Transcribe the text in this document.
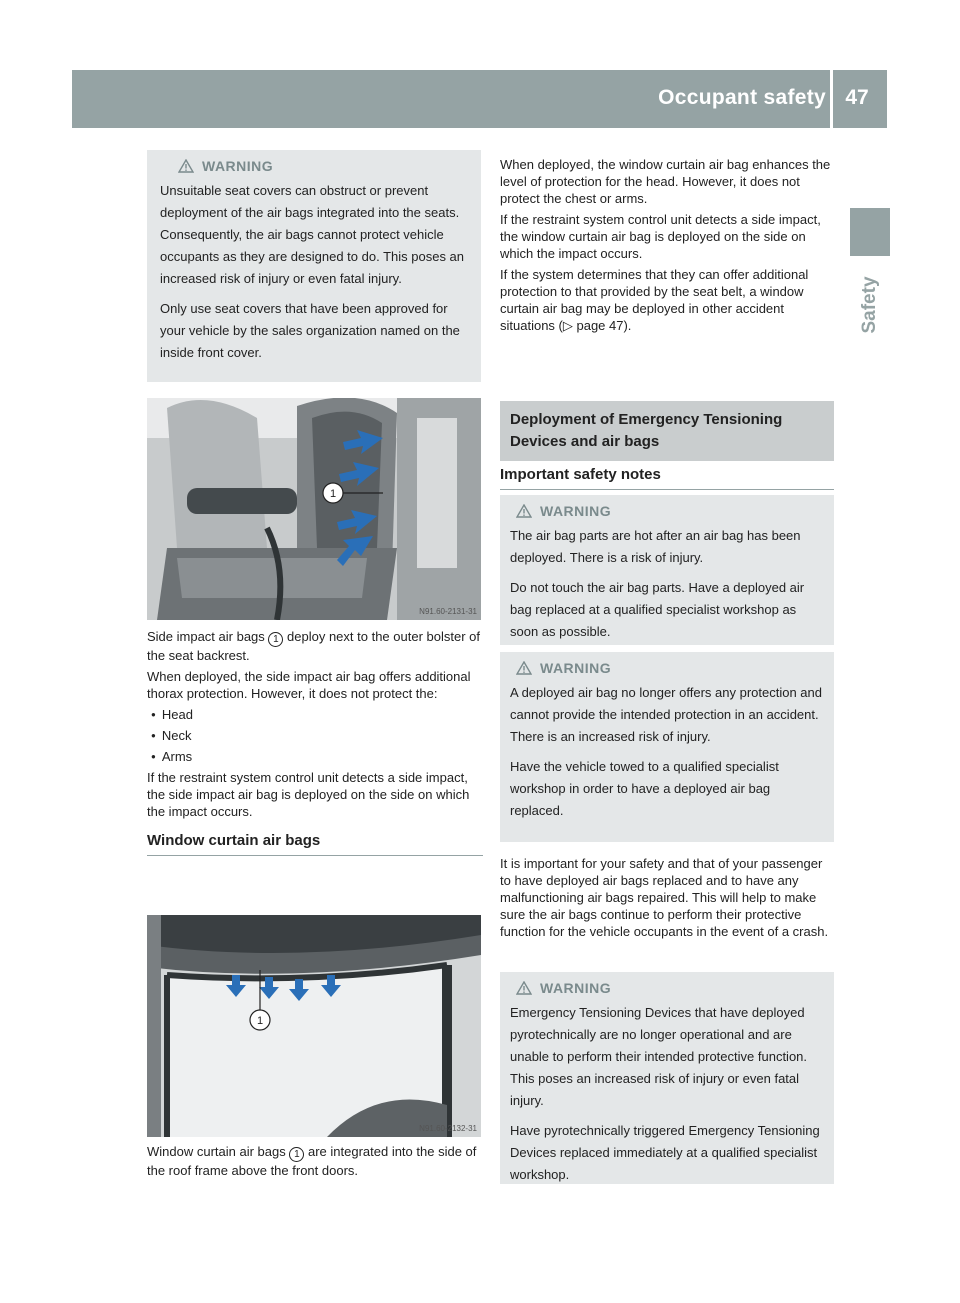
Occupant safety 47
Safety
WARNING

Unsuitable seat covers can obstruct or prevent deployment of the air bags integrated into the seats. Consequently, the air bags cannot protect vehicle occupants as they are designed to do. This poses an increased risk of injury or even fatal injury.

Only use seat covers that have been approved for your vehicle by the sales organization named on the inside front cover.

1
N91.60-2131-31

Side impact air bags 1 deploy next to the outer bolster of the seat backrest.

When deployed, the side impact air bag offers additional thorax protection. However, it does not protect the:

● Head
● Neck
● Arms

If the restraint system control unit detects a side impact, the side impact air bag is deployed on the side on which the impact occurs.

Window curtain air bags
1
N91.60-2132-31

Window curtain air bags 1 are integrated into the side of the roof frame above the front doors.

When deployed, the window curtain air bag enhances the level of protection for the head. However, it does not protect the chest or arms.

If the restraint system control unit detects a side impact, the window curtain air bag is deployed on the side on which the impact occurs.

If the system determines that they can offer additional protection to that provided by the seat belt, a window curtain air bag may be deployed in other accident situations (▷ page 47).

Deployment of Emergency Tensioning Devices and air bags
Important safety notes
WARNING

The air bag parts are hot after an air bag has been deployed. There is a risk of injury.

Do not touch the air bag parts. Have a deployed air bag replaced at a qualified specialist workshop as soon as possible.

WARNING

A deployed air bag no longer offers any protection and cannot provide the intended protection in an accident. There is an increased risk of injury.

Have the vehicle towed to a qualified specialist workshop in order to have a deployed air bag replaced.

It is important for your safety and that of your passenger to have deployed air bags replaced and to have any malfunctioning air bags repaired. This will help to make sure the air bags continue to perform their protective function for the vehicle occupants in the event of a crash.

WARNING

Emergency Tensioning Devices that have deployed pyrotechnically are no longer operational and are unable to perform their intended protective function. This poses an increased risk of injury or even fatal injury.

Have pyrotechnically triggered Emergency Tensioning Devices replaced immediately at a qualified specialist workshop.
